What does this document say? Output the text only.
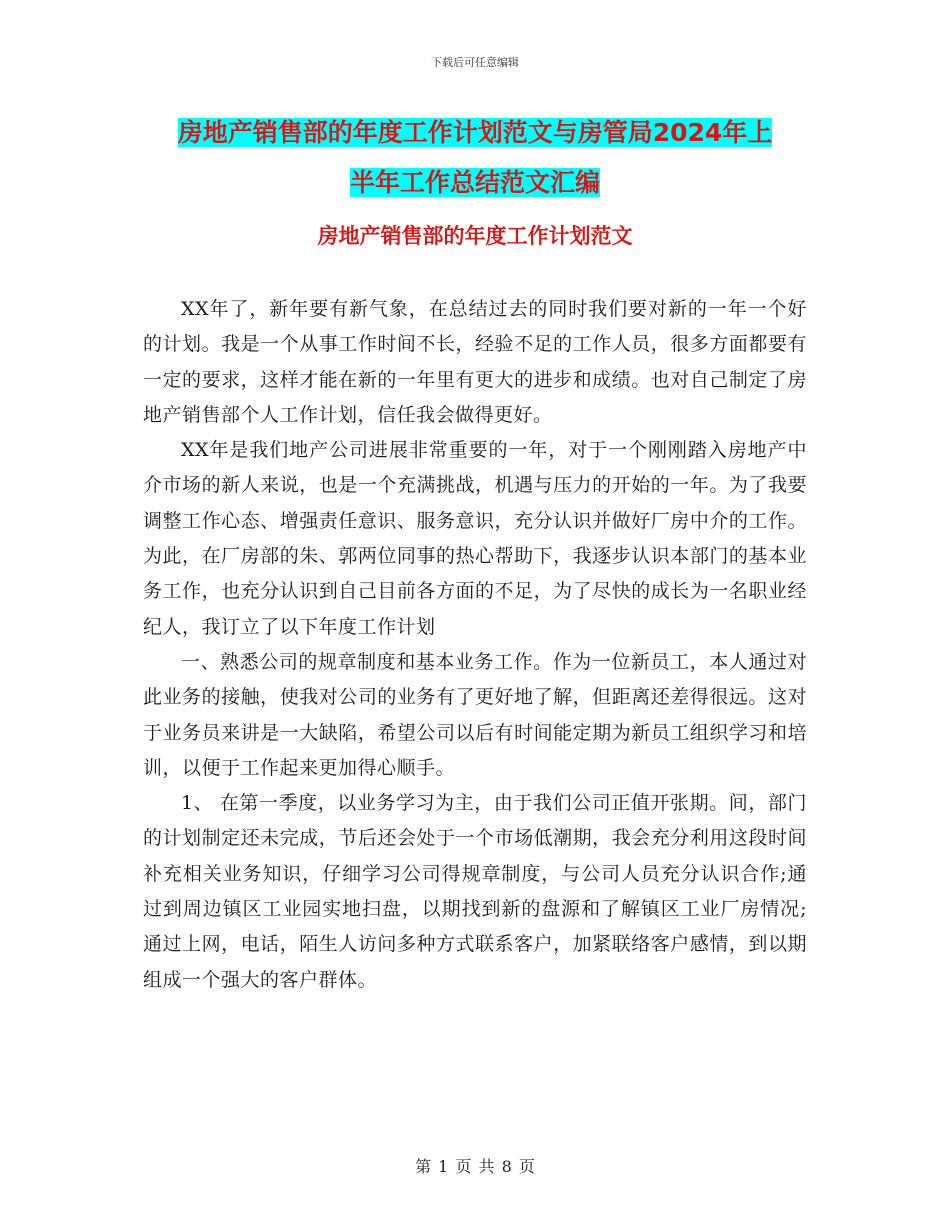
下载后可任意编辑
房地产销售部的年度工作计划范文与房管局2024年上
半年工作总结范文汇编
房地产销售部的年度工作计划范文

XX年了，新年要有新气象，在总结过去的同时我们要对新的一年一个好的计划。我是一个从事工作时间不长，经验不足的工作人员，很多方面都要有一定的要求，这样才能在新的一年里有更大的进步和成绩。也对自己制定了房地产销售部个人工作计划，信任我会做得更好。

XX年是我们地产公司进展非常重要的一年，对于一个刚刚踏入房地产中介市场的新人来说，也是一个充满挑战，机遇与压力的开始的一年。为了我要调整工作心态、增强责任意识、服务意识，充分认识并做好厂房中介的工作。为此，在厂房部的朱、郭两位同事的热心帮助下，我逐步认识本部门的基本业务工作，也充分认识到自己目前各方面的不足，为了尽快的成长为一名职业经纪人，我订立了以下年度工作计划

一、熟悉公司的规章制度和基本业务工作。作为一位新员工，本人通过对此业务的接触，使我对公司的业务有了更好地了解，但距离还差得很远。这对于业务员来讲是一大缺陷，希望公司以后有时间能定期为新员工组织学习和培训，以便于工作起来更加得心顺手。

1、 在第一季度，以业务学习为主，由于我们公司正值开张期。间，部门的计划制定还未完成，节后还会处于一个市场低潮期，我会充分利用这段时间补充相关业务知识，仔细学习公司得规章制度，与公司人员充分认识合作;通过到周边镇区工业园实地扫盘，以期找到新的盘源和了解镇区工业厂房情况;通过上网，电话，陌生人访问多种方式联系客户，加紧联络客户感情，到以期组成一个强大的客户群体。

第 1 页 共 8 页
